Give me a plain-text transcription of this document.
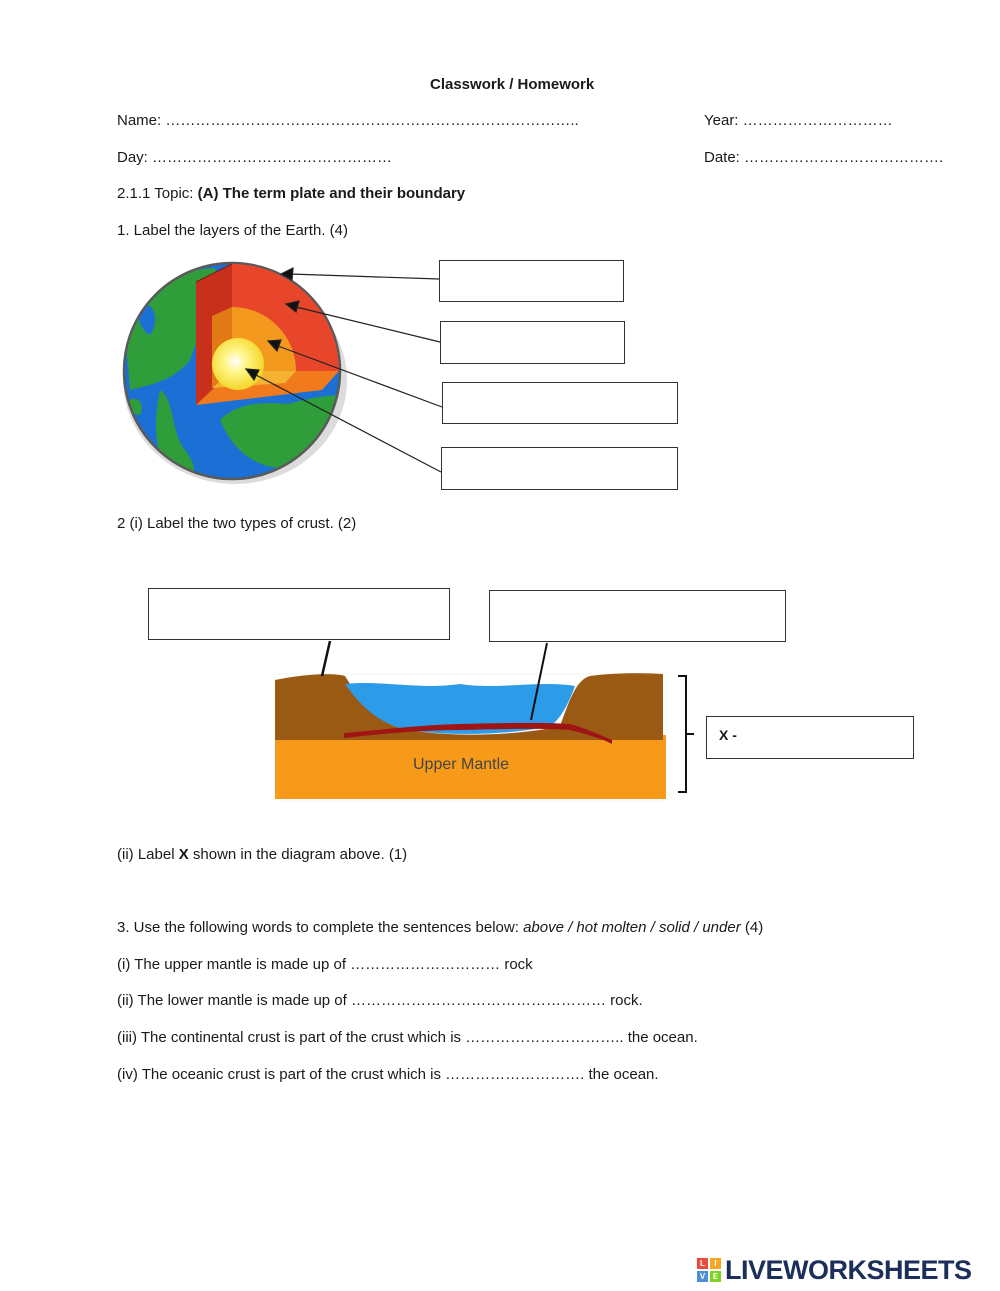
Classwork / Homework
Name: ………………………………………………………………………..	Year: …………………………
Day: …………………………………………	Date: ………………………………….
2.1.1 Topic: (A) The term plate and their boundary
1. Label the layers of the Earth. (4)
2 (i) Label the two types of crust. (2)
Upper Mantle
X -
(ii) Label X shown in the diagram above. (1)
3. Use the following words to complete the sentences below: above / hot molten / solid / under (4)
(i) The upper mantle is made up of ………………………… rock
(ii) The lower mantle is made up of …………………………………………… rock.
(iii) The continental crust is part of the crust which is ………………………….. the ocean.
(iv) The oceanic crust is part of the crust which is ………………………. the ocean.
L	I
V E LIVEWORKSHEETS
